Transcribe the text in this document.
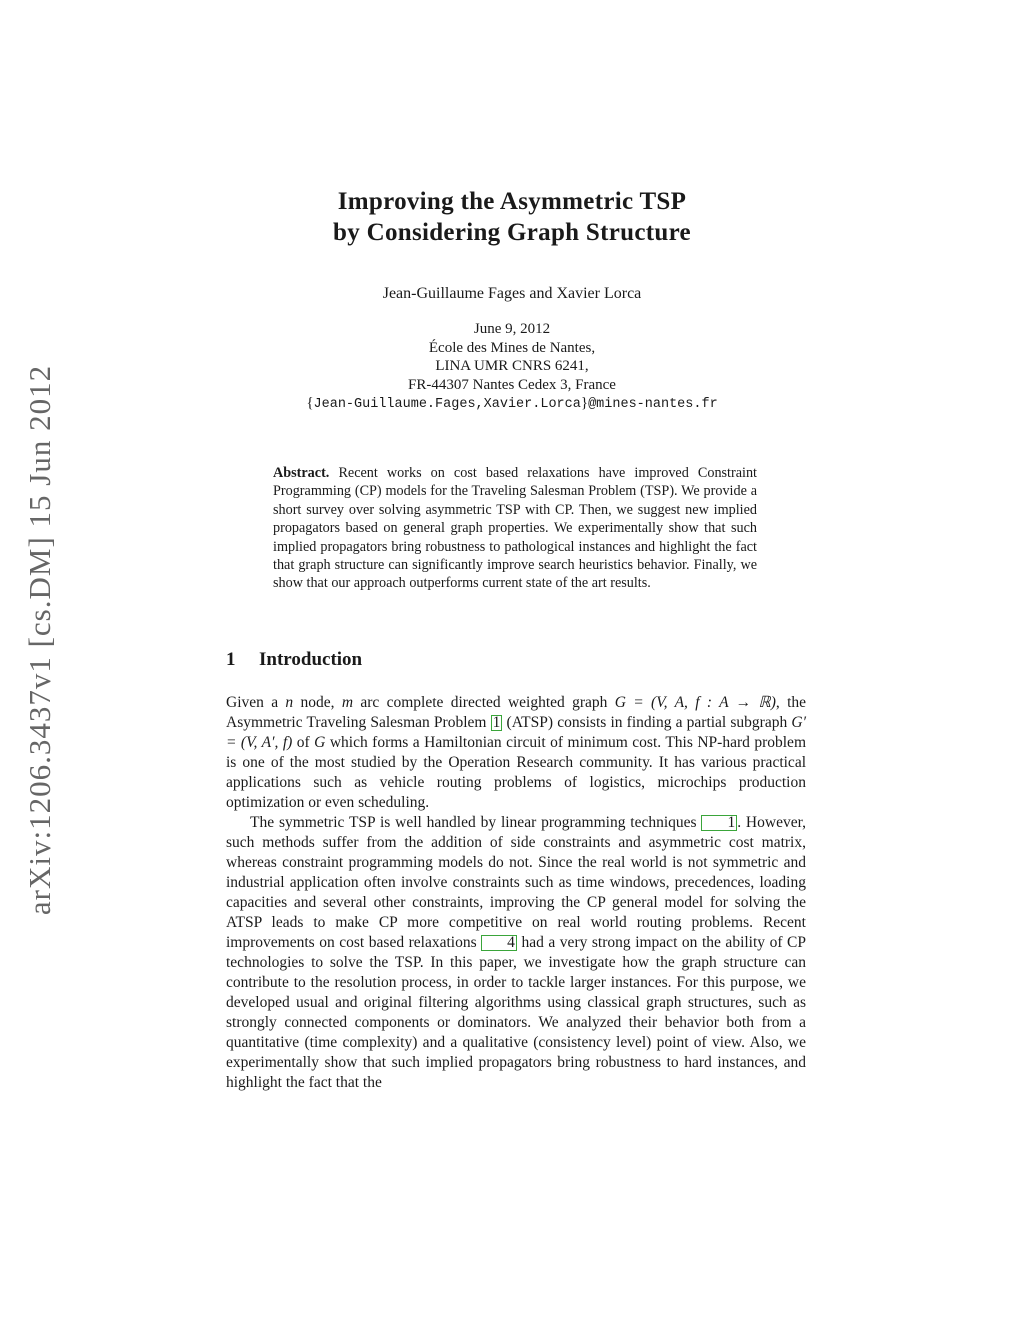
arXiv:1206.3437v1 [cs.DM] 15 Jun 2012
Improving the Asymmetric TSP
by Considering Graph Structure
Jean-Guillaume Fages and Xavier Lorca
June 9, 2012
École des Mines de Nantes,
LINA UMR CNRS 6241,
FR-44307 Nantes Cedex 3, France
{Jean-Guillaume.Fages,Xavier.Lorca}@mines-nantes.fr
Abstract. Recent works on cost based relaxations have improved Constraint Programming (CP) models for the Traveling Salesman Problem (TSP). We provide a short survey over solving asymmetric TSP with CP. Then, we suggest new implied propagators based on general graph properties. We experimentally show that such implied propagators bring robustness to pathological instances and highlight the fact that graph structure can significantly improve search heuristics behavior. Finally, we show that our approach outperforms current state of the art results.
1 Introduction

Given a n node, m arc complete directed weighted graph G = (V, A, f : A → ℝ), the Asymmetric Traveling Salesman Problem 1 (ATSP) consists in finding a partial subgraph G′ = (V, A′, f) of G which forms a Hamiltonian circuit of minimum cost. This NP-hard problem is one of the most studied by the Operation Research community. It has various practical applications such as vehicle routing problems of logistics, microchips production optimization or even scheduling.

The symmetric TSP is well handled by linear programming techniques 1 . However, such methods suffer from the addition of side constraints and asymmetric cost matrix, whereas constraint programming models do not. Since the real world is not symmetric and industrial application often involve constraints such as time windows, precedences, loading capacities and several other constraints, improving the CP general model for solving the ATSP leads to make CP more competitive on real world routing problems. Recent improvements on cost based relaxations 4 had a very strong impact on the ability of CP technologies to solve the TSP. In this paper, we investigate how the graph structure can contribute to the resolution process, in order to tackle larger instances. For this purpose, we developed usual and original filtering algorithms using classical graph structures, such as strongly connected components or dominators. We analyzed their behavior both from a quantitative (time complexity) and a qualitative (consistency level) point of view. Also, we experimentally show that such implied propagators bring robustness to hard instances, and highlight the fact that the
